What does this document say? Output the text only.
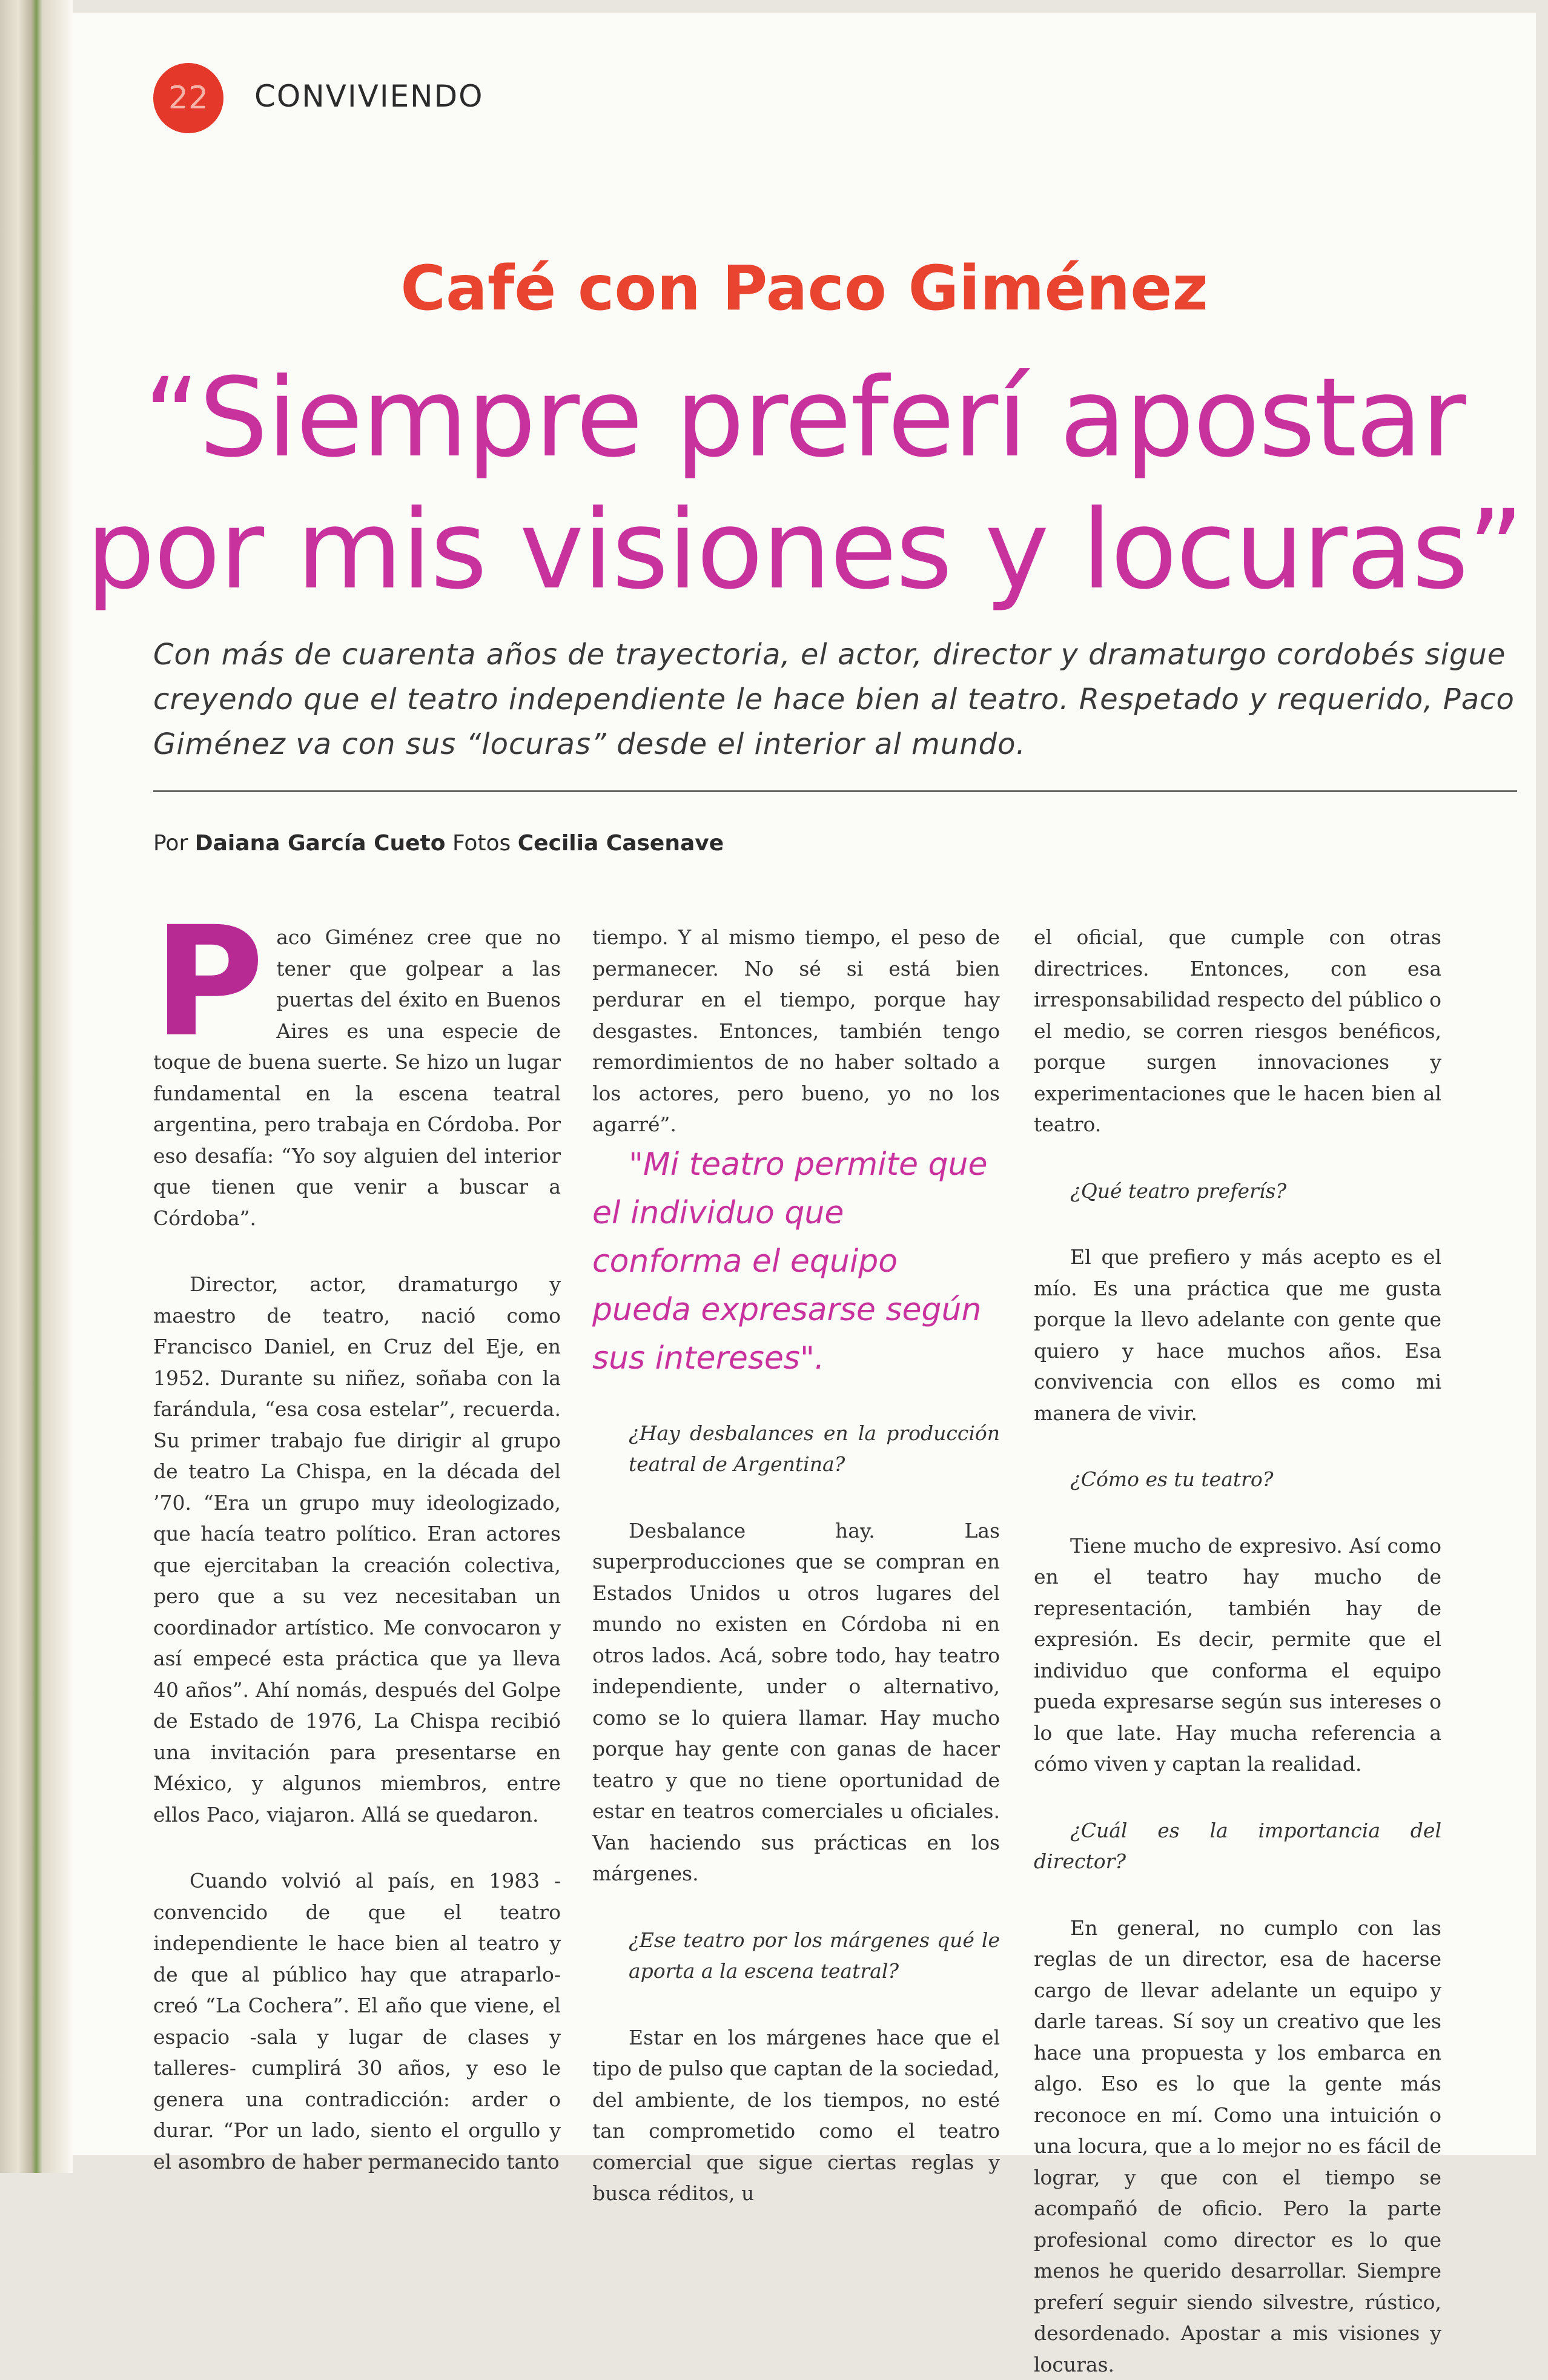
22	CONVIVIENDO
Café con Paco Giménez
“Siempre preferí apostar
por mis visiones y locuras”

Con más de cuarenta años de trayectoria, el actor, director y dramaturgo cordobés sigue creyendo que el teatro independiente le hace bien al teatro. Respetado y requerido, Paco Giménez va con sus “locuras” desde el interior al mundo.

Por Daiana García Cueto Fotos Cecilia Casenave

Paco Giménez cree que no tener que golpear a las puertas del éxito en Buenos Aires es una especie de toque de buena suerte. Se hizo un lugar fundamental en la escena teatral argentina, pero trabaja en Córdoba. Por eso desafía: “Yo soy alguien del interior que tienen que venir a buscar a Córdoba”.

Director, actor, dramaturgo y maestro de teatro, nació como Francisco Daniel, en Cruz del Eje, en 1952. Durante su niñez, soñaba con la farándula, “esa cosa estelar”, recuerda. Su primer trabajo fue dirigir al grupo de teatro La Chispa, en la década del ’70. “Era un grupo muy ideologizado, que hacía teatro político. Eran actores que ejercitaban la creación colectiva, pero que a su vez necesitaban un coordinador artístico. Me convocaron y así empecé esta práctica que ya lleva 40 años”. Ahí nomás, después del Golpe de Estado de 1976, La Chispa recibió una invitación para presentarse en México, y algunos miembros, entre ellos Paco, viajaron. Allá se quedaron.

Cuando volvió al país, en 1983 -convencido de que el teatro independiente le hace bien al teatro y de que al público hay que atraparlo- creó “La Cochera”. El año que viene, el espacio -sala y lugar de clases y talleres- cumplirá 30 años, y eso le genera una contradicción: arder o durar. “Por un lado, siento el orgullo y el asombro de haber permanecido tanto

tiempo. Y al mismo tiempo, el peso de permanecer. No sé si está bien perdurar en el tiempo, porque hay desgastes. Entonces, también tengo remordimientos de no haber soltado a los actores, pero bueno, yo no los agarré”.

"Mi teatro permite que el individuo que conforma el equipo pueda expresarse según sus intereses".

¿Hay desbalances en la producción teatral de Argentina?

Desbalance hay. Las superproducciones que se compran en Estados Unidos u otros lugares del mundo no existen en Córdoba ni en otros lados. Acá, sobre todo, hay teatro independiente, under o alternativo, como se lo quiera llamar. Hay mucho porque hay gente con ganas de hacer teatro y que no tiene oportunidad de estar en teatros comerciales u oficiales. Van haciendo sus prácticas en los márgenes.

¿Ese teatro por los márgenes qué le aporta a la escena teatral?

Estar en los márgenes hace que el tipo de pulso que captan de la sociedad, del ambiente, de los tiempos, no esté tan comprometido como el teatro comercial que sigue ciertas reglas y busca réditos, u

el oficial, que cumple con otras directrices. Entonces, con esa irresponsabilidad respecto del público o el medio, se corren riesgos benéficos, porque surgen innovaciones y experimentaciones que le hacen bien al teatro.

¿Qué teatro preferís?

El que prefiero y más acepto es el mío. Es una práctica que me gusta porque la llevo adelante con gente que quiero y hace muchos años. Esa convivencia con ellos es como mi manera de vivir.

¿Cómo es tu teatro?

Tiene mucho de expresivo. Así como en el teatro hay mucho de representación, también hay de expresión. Es decir, permite que el individuo que conforma el equipo pueda expresarse según sus intereses o lo que late. Hay mucha referencia a cómo viven y captan la realidad.

¿Cuál es la importancia del director?

En general, no cumplo con las reglas de un director, esa de hacerse cargo de llevar adelante un equipo y darle tareas. Sí soy un creativo que les hace una propuesta y los embarca en algo. Eso es lo que la gente más reconoce en mí. Como una intuición o una locura, que a lo mejor no es fácil de lograr, y que con el tiempo se acompañó de oficio. Pero la parte profesional como director es lo que menos he querido desarrollar. Siempre preferí seguir siendo silvestre, rústico, desordenado. Apostar a mis visiones y locuras.
